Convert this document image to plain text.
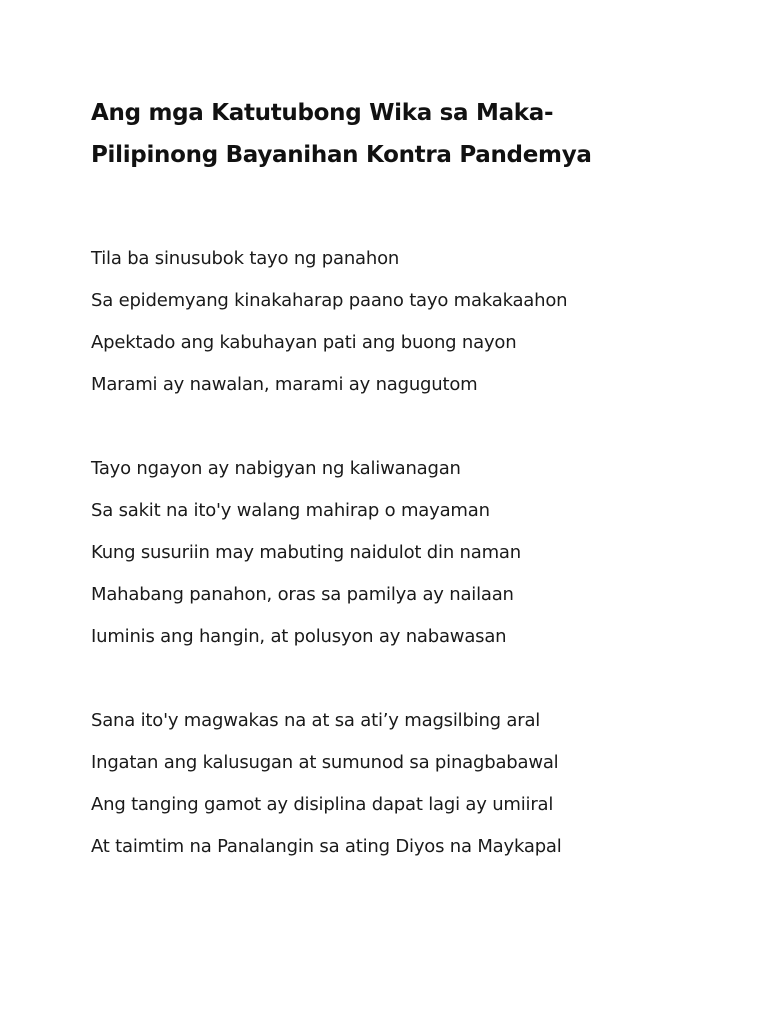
Ang mga Katutubong Wika sa Maka-
Pilipinong Bayanihan Kontra Pandemya
Tila ba sinusubok tayo ng panahon
Sa epidemyang kinakaharap paano tayo makakaahon
Apektado ang kabuhayan pati ang buong nayon
Marami ay nawalan, marami ay nagugutom
Tayo ngayon ay nabigyan ng kaliwanagan
Sa sakit na ito'y walang mahirap o mayaman
Kung susuriin may mabuting naidulot din naman
Mahabang panahon, oras sa pamilya ay nailaan
Iuminis ang hangin, at polusyon ay nabawasan
Sana ito'y magwakas na at sa ati’y magsilbing aral
Ingatan ang kalusugan at sumunod sa pinagbabawal
Ang tanging gamot ay disiplina dapat lagi ay umiiral
At taimtim na Panalangin sa ating Diyos na Maykapal
